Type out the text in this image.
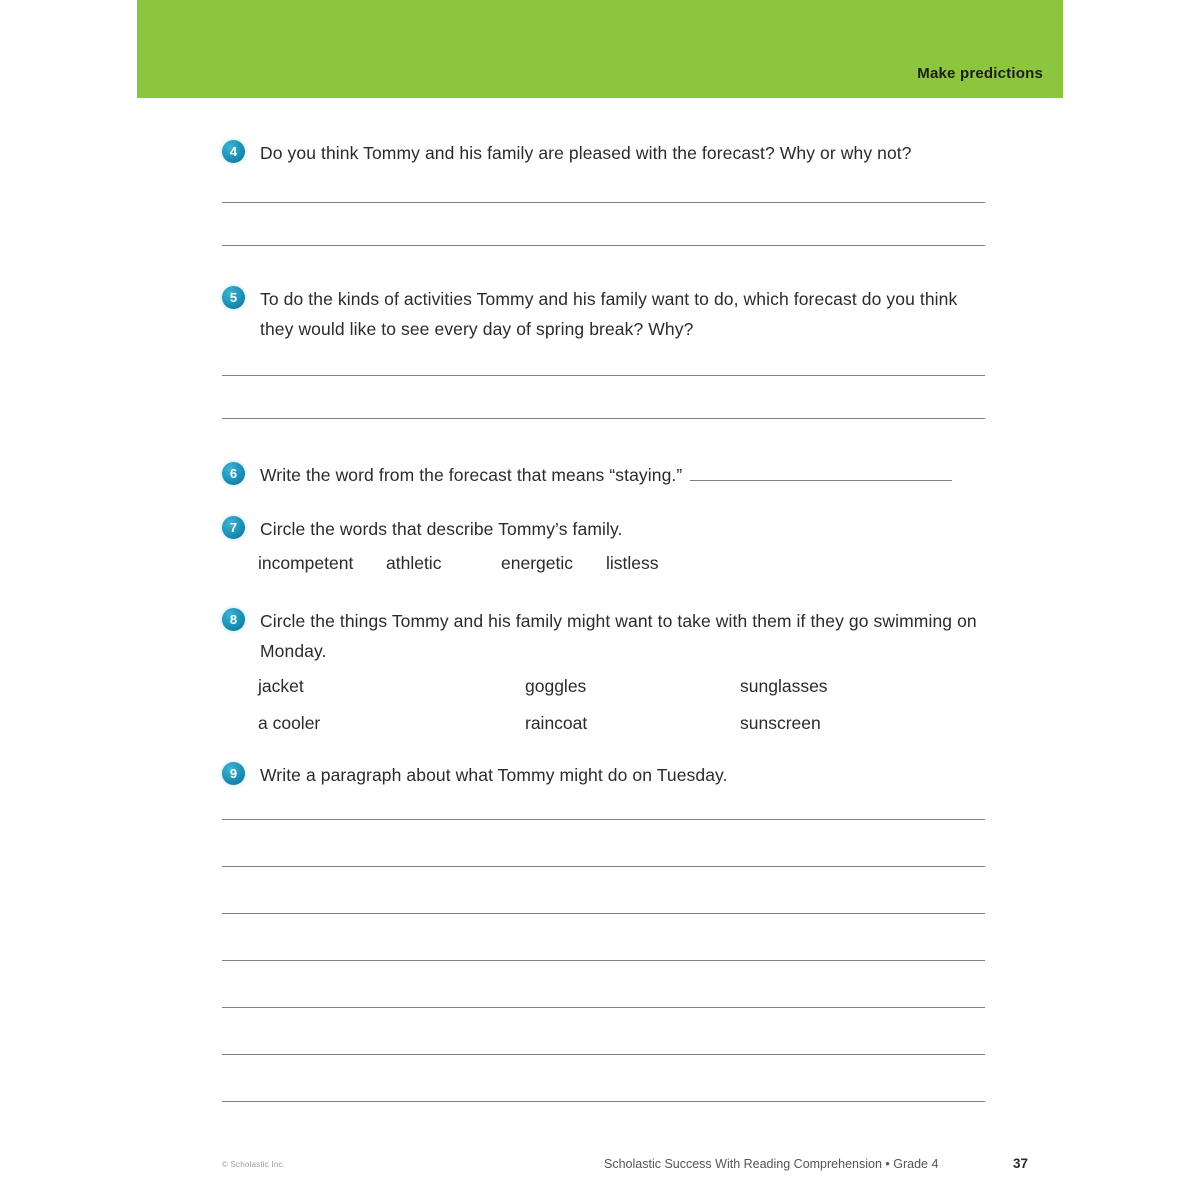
Make predictions
4	Do you think Tommy and his family are pleased with the forecast? Why or why not?
5	To do the kinds of activities Tommy and his family want to do, which forecast do you think they would like to see every day of spring break? Why?
6	Write the word from the forecast that means “staying.”
7	Circle the words that describe Tommy’s family.
incompetent athletic	energetic listless
8	Circle the things Tommy and his family might want to take with them if they go swimming on Monday.
jacket	goggles	sunglasses
a cooler	raincoat	sunscreen
9	Write a paragraph about what Tommy might do on Tuesday.
© Scholastic Inc.	Scholastic Success With Reading Comprehension • Grade 4	37
